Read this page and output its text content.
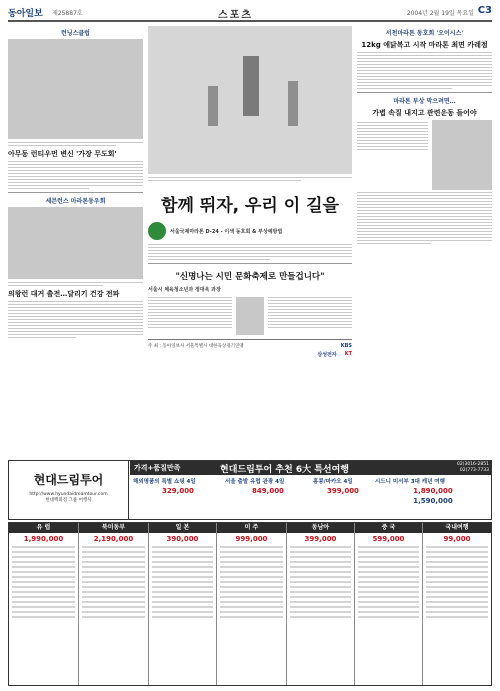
동아일보 제25887호	스포츠	2004년 2월 19일 목요일 C3
런닝스클럽
아무동 런티우먼 변신 '가장 무도회'
세븐런스 마라톤동우회
의왕런 대거 출전…달리기 건강 전파
함께 뛰자, 우리 이 길을
서울국제마라톤 D-24 - 이색 동호회 & 부상예방법
"신명나는 시민 문화축제로 만들겁니다"
서울시 체육청소년과 정대욱 과장
주 최 : 동아일보사 서울특별시 대한육상경기연맹	KBS
삼성전자 KT
서천마라톤 동호회 '오이시스'
12kg 애닭복고 시작 마라톤 최면 카레점
마라톤 부상 막으려면…
가볍 속질 내지고 관련운동 들어야
현대드림투어
http://www.hyundaidreamtour.com
현대백화점 그룹 여행사
가격+품질만족	현대드림투어 추천 6大 특선여행
02)3016-2851
02)773-7733
해외명품의 특별 쇼핑 4일
329,000
서울 출발 유럽 관광 4일
849,000
홍콩/마카오 4일
399,000
시드니 미서부 3대 캐년 여행
1,890,000
1,590,000
유 럽
1,990,000
북미동부
2,190,000
일 본
390,000
미 주
999,000
동남아
399,000
중 국
599,000
국내여행
99,000
